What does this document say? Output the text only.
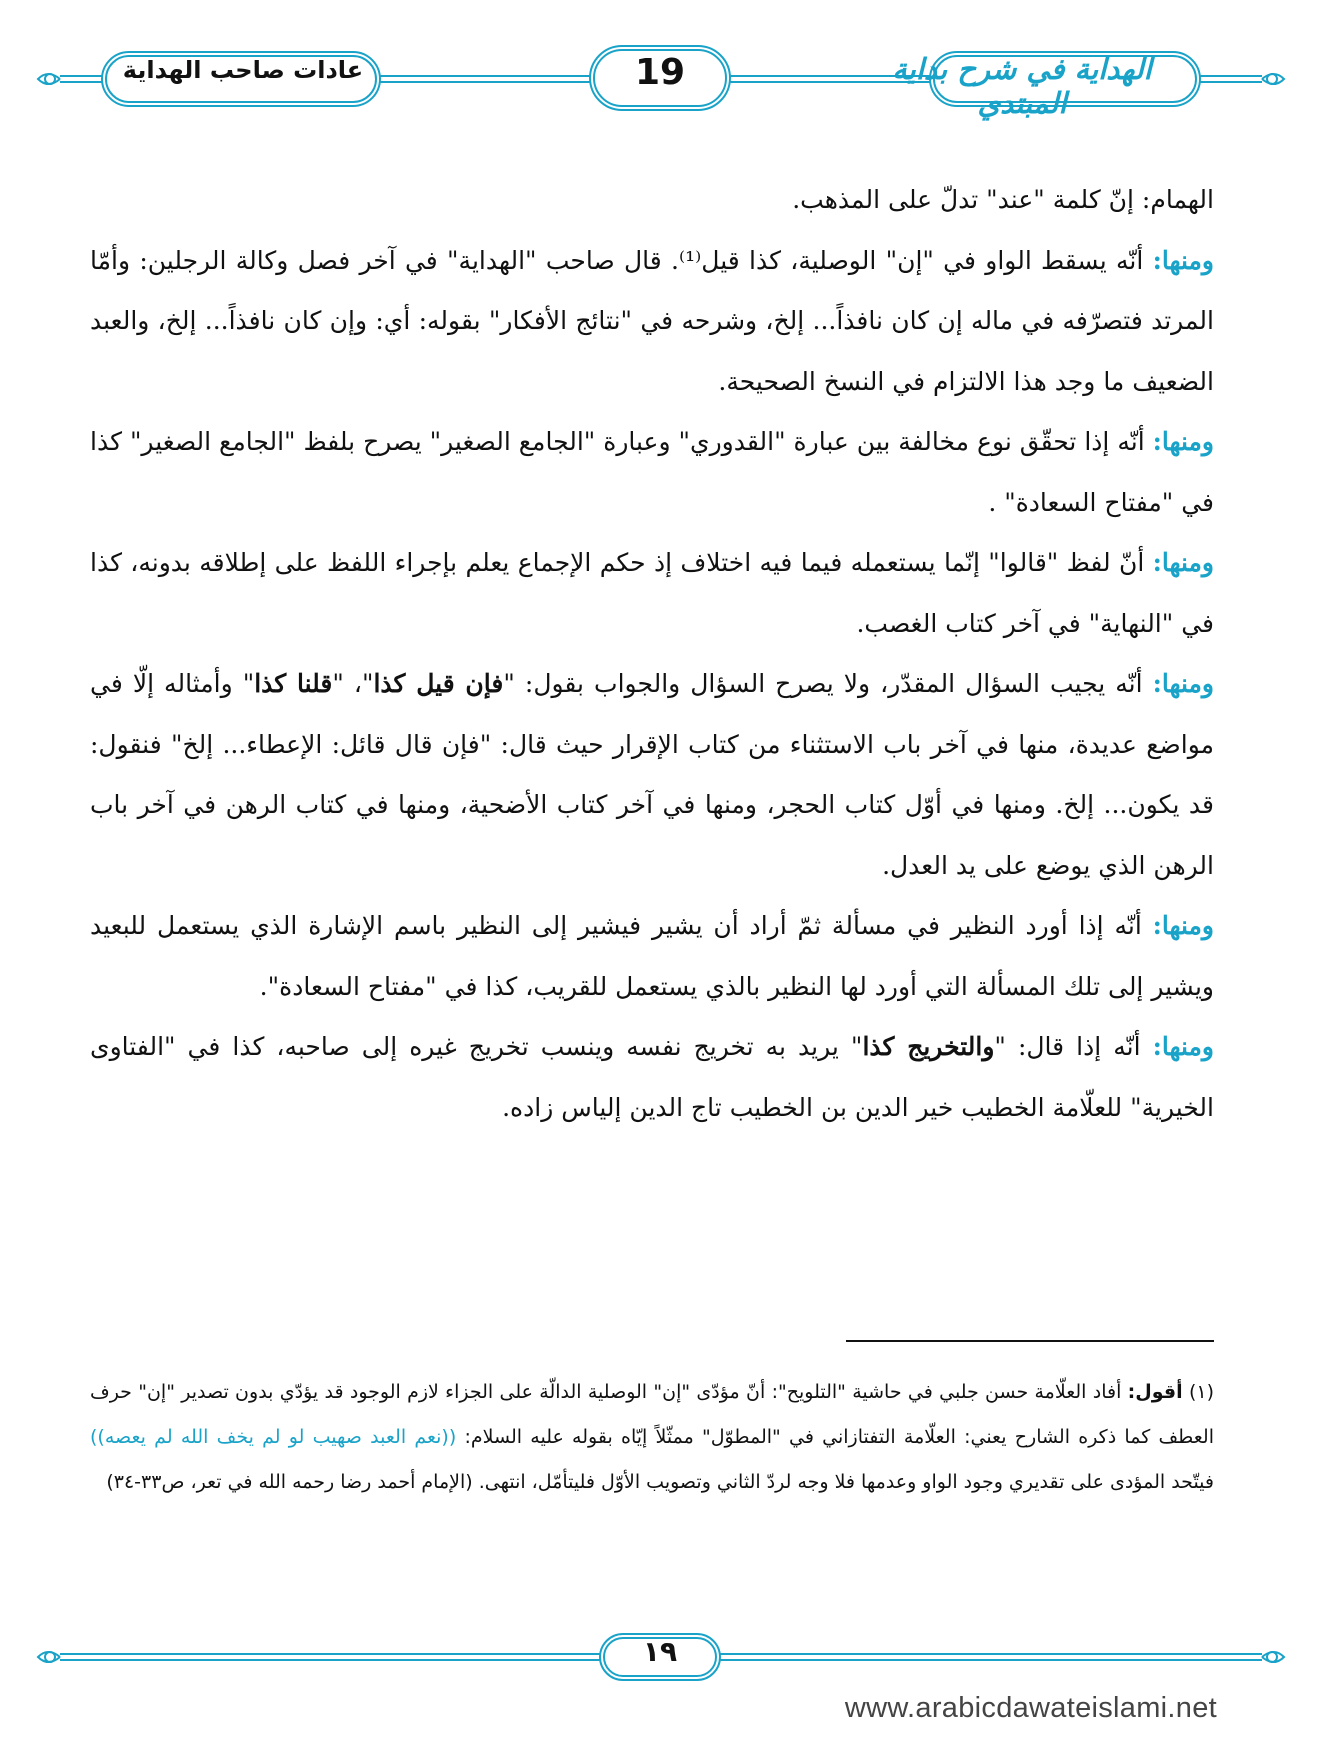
الهداية في شرح بداية المبتدي
19
عادات صاحب الهداية

الهمام: إنّ كلمة "عند" تدلّ على المذهب.

ومنها: أنّه يسقط الواو في "إن" الوصلية، كذا قيل⁽¹⁾. قال صاحب "الهداية" في آخر فصل وكالة الرجلين: وأمّا المرتد فتصرّفه في ماله إن كان نافذاً... إلخ، وشرحه في "نتائج الأفكار" بقوله: أي: وإن كان نافذاً... إلخ، والعبد الضعيف ما وجد هذا الالتزام في النسخ الصحيحة.

ومنها: أنّه إذا تحقّق نوع مخالفة بين عبارة "القدوري" وعبارة "الجامع الصغير" يصرح بلفظ "الجامع الصغير" كذا في "مفتاح السعادة" .

ومنها: أنّ لفظ "قالوا" إنّما يستعمله فيما فيه اختلاف إذ حكم الإجماع يعلم بإجراء اللفظ على إطلاقه بدونه، كذا في "النهاية" في آخر كتاب الغصب.

ومنها: أنّه يجيب السؤال المقدّر، ولا يصرح السؤال والجواب بقول: "فإن قيل كذا"، "قلنا كذا" وأمثاله إلّا في مواضع عديدة، منها في آخر باب الاستثناء من كتاب الإقرار حيث قال: "فإن قال قائل: الإعطاء... إلخ" فنقول: قد يكون... إلخ. ومنها في أوّل كتاب الحجر، ومنها في آخر كتاب الأضحية، ومنها في كتاب الرهن في آخر باب الرهن الذي يوضع على يد العدل.

ومنها: أنّه إذا أورد النظير في مسألة ثمّ أراد أن يشير فيشير إلى النظير باسم الإشارة الذي يستعمل للبعيد ويشير إلى تلك المسألة التي أورد لها النظير بالذي يستعمل للقريب، كذا في "مفتاح السعادة".

ومنها: أنّه إذا قال: "والتخريج كذا" يريد به تخريج نفسه وينسب تخريج غيره إلى صاحبه، كذا في "الفتاوى الخيرية" للعلّامة الخطيب خير الدين بن الخطيب تاج الدين إلياس زاده.

(١) أقول: أفاد العلّامة حسن جلبي في حاشية "التلويح": أنّ مؤدّى "إن" الوصلية الدالّة على الجزاء لازم الوجود قد يؤدّي بدون تصدير "إن" حرف العطف كما ذكره الشارح يعني: العلّامة التفتازاني في "المطوّل" ممثّلاً إيّاه بقوله عليه السلام: ((نعم العبد صهيب لو لم يخف الله لم يعصه)) فيتّحد المؤدى على تقديري وجود الواو وعدمها فلا وجه لردّ الثاني وتصويب الأوّل فليتأمّل، انتهى. (الإمام أحمد رضا رحمه الله في تعر، ص٣٣-٣٤)

١٩
www.arabicdawateislami.net
